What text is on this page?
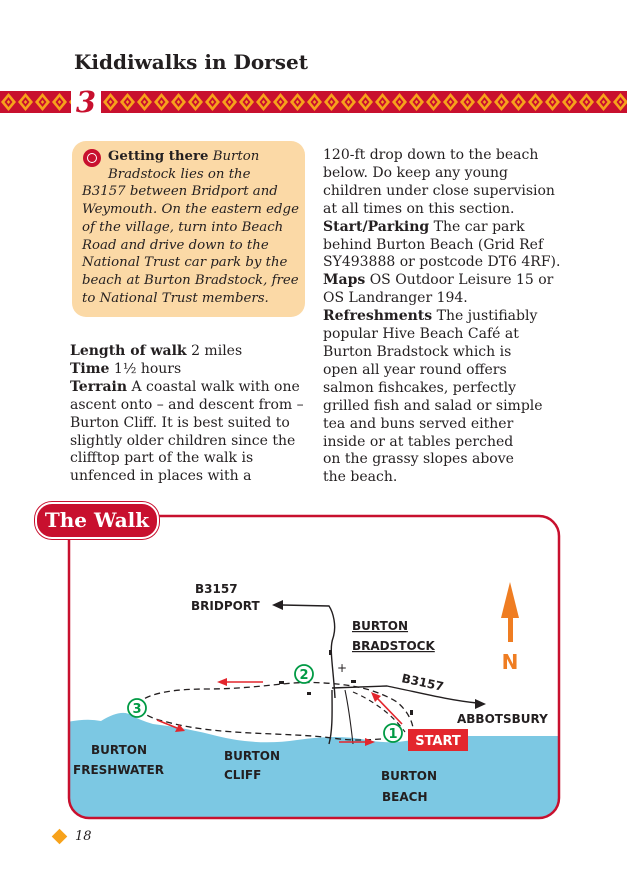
Kiddiwalks in Dorset
3
Getting there Burton
Bradstock lies on the
B3157 between Bridport and
Weymouth. On the eastern edge
of the village, turn into Beach
Road and drive down to the
National Trust car park by the
beach at Burton Bradstock, free
to National Trust members.
Length of walk 2 miles
Time 1½ hours
Terrain A coastal walk with one
ascent onto – and descent from –
Burton Cliff. It is best suited to
slightly older children since the
clifftop part of the walk is
unfenced in places with a
120-ft drop down to the beach
below. Do keep any young
children under close supervision
at all times on this section.
Start/Parking The car park
behind Burton Beach (Grid Ref
SY493888 or postcode DT6 4RF).
Maps OS Outdoor Leisure 15 or
OS Landranger 194.
Refreshments The justifiably
popular Hive Beach Café at
Burton Bradstock which is
open all year round offers
salmon fishcakes, perfectly
grilled fish and salad or simple
tea and buns served either
inside or at tables perched
on the grassy slopes above
the beach.
The Walk
+
2
3
1 START
N
B3157
BRIDPORT
BURTON
BRADSTOCK
B3157
ABBOTSBURY
BURTON
FRESHWATER
BURTON
CLIFF	BURTON
BEACH
18
